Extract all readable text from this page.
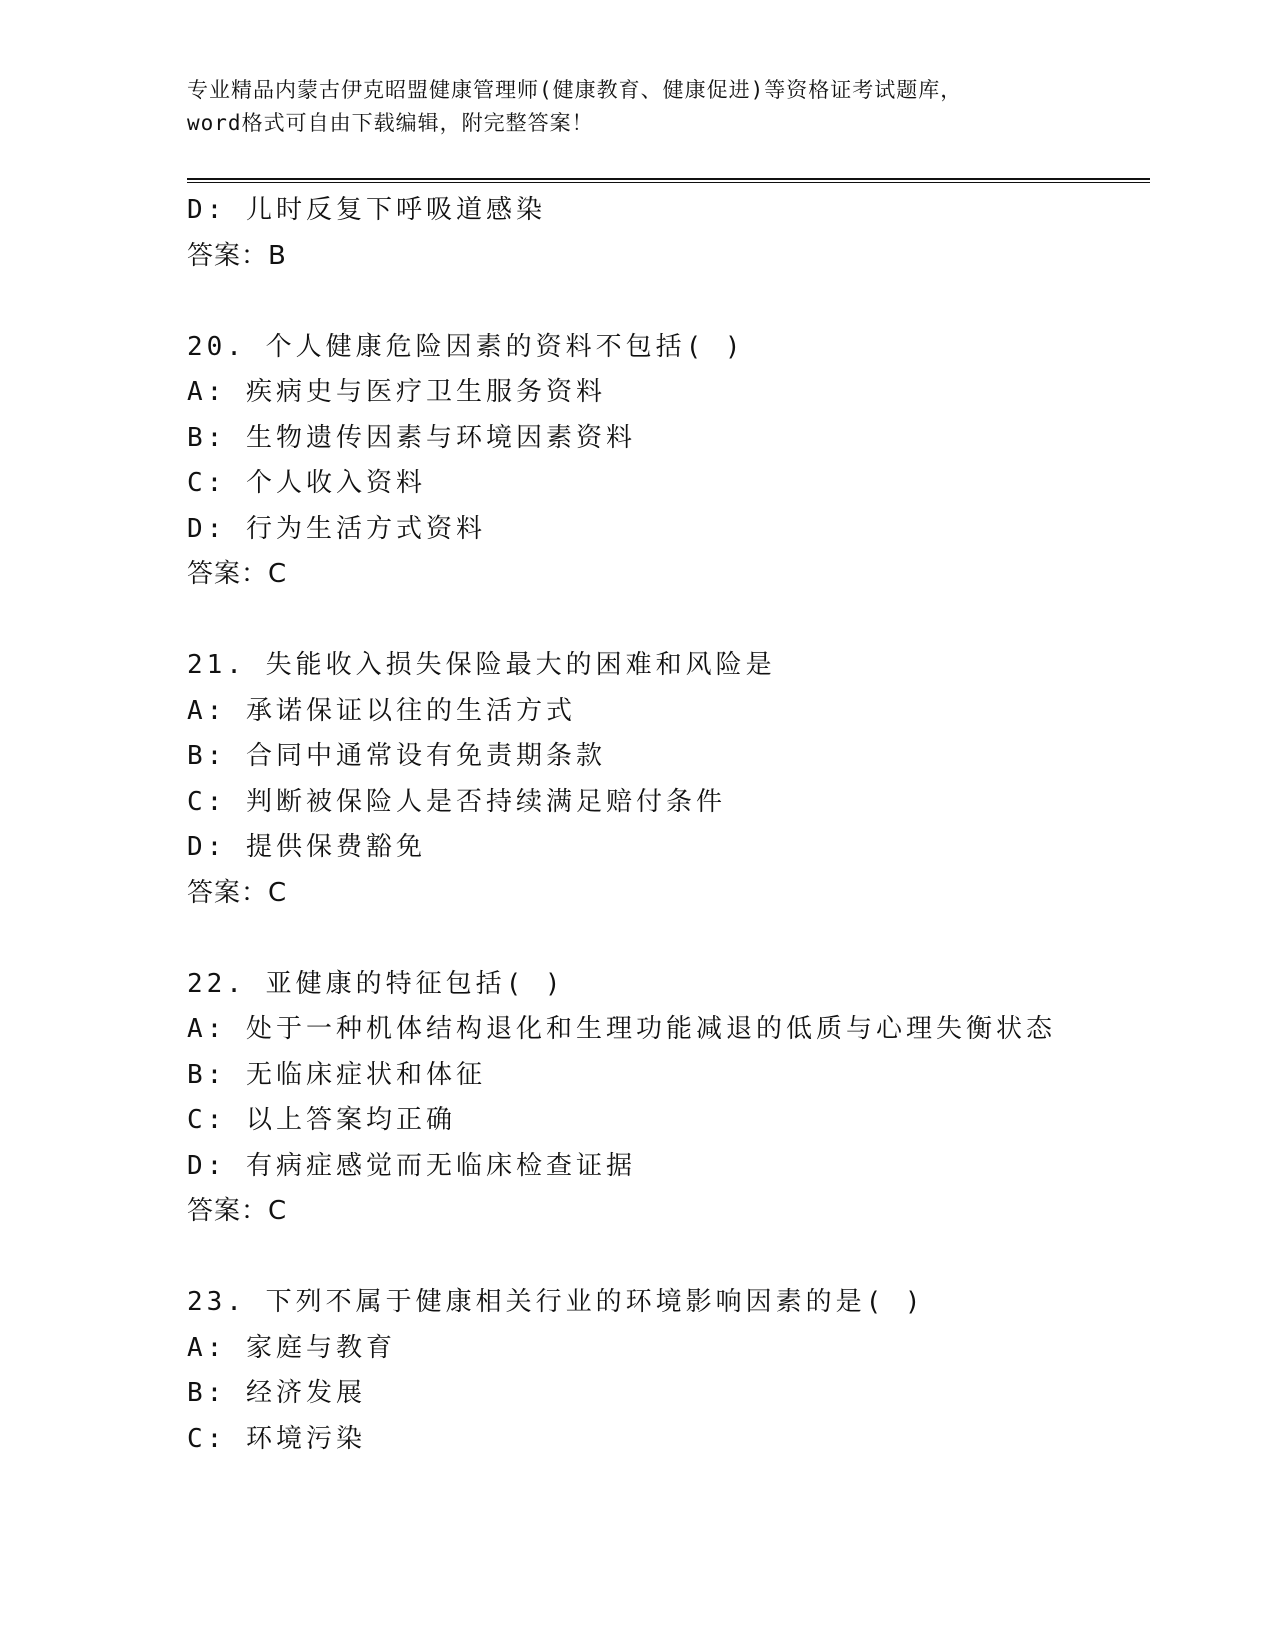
专业精品内蒙古伊克昭盟健康管理师(健康教育、健康促进)等资格证考试题库，
word格式可自由下载编辑，附完整答案！
D: 儿时反复下呼吸道感染
答案：B
20. 个人健康危险因素的资料不包括( )
A: 疾病史与医疗卫生服务资料
B: 生物遗传因素与环境因素资料
C: 个人收入资料
D: 行为生活方式资料
答案：C
21. 失能收入损失保险最大的困难和风险是
A: 承诺保证以往的生活方式
B: 合同中通常设有免责期条款
C: 判断被保险人是否持续满足赔付条件
D: 提供保费豁免
答案：C
22. 亚健康的特征包括( )
A: 处于一种机体结构退化和生理功能减退的低质与心理失衡状态
B: 无临床症状和体征
C: 以上答案均正确
D: 有病症感觉而无临床检查证据
答案：C
23. 下列不属于健康相关行业的环境影响因素的是( )
A: 家庭与教育
B: 经济发展
C: 环境污染
